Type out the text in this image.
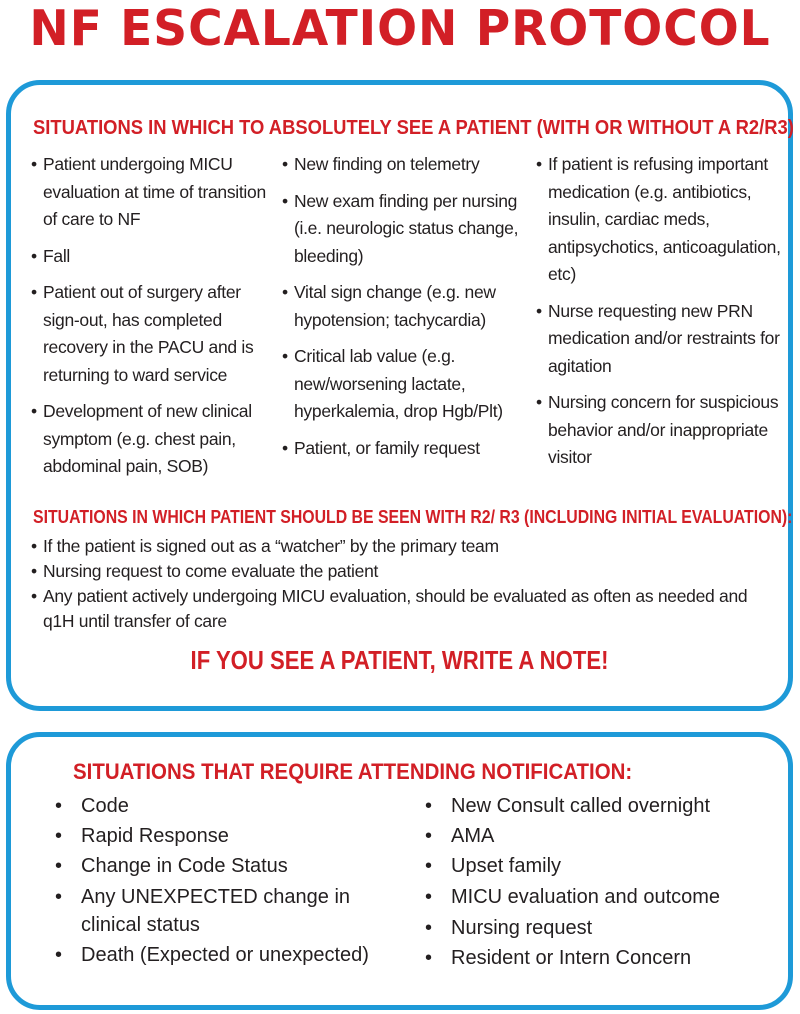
NF ESCALATION PROTOCOL
SITUATIONS IN WHICH TO ABSOLUTELY SEE A PATIENT (WITH OR WITHOUT A R2/R3)
• Patient undergoing MICU evaluation at time of transition of care to NF
• Fall
• Patient out of surgery after sign-out, has completed recovery in the PACU and is returning to ward service
• Development of new clinical symptom (e.g. chest pain, abdominal pain, SOB)
• New finding on telemetry
• New exam finding per nursing (i.e. neurologic status change, bleeding)
• Vital sign change (e.g. new hypotension; tachycardia)
• Critical lab value (e.g. new/worsening lactate, hyperkalemia, drop Hgb/Plt)
• Patient, or family request
• If patient is refusing important medication (e.g. antibiotics, insulin, cardiac meds, antipsychotics, anticoagulation, etc)
• Nurse requesting new PRN medication and/or restraints for agitation
• Nursing concern for suspicious behavior and/or inappropriate visitor
SITUATIONS IN WHICH PATIENT SHOULD BE SEEN WITH R2/ R3 (INCLUDING INITIAL EVALUATION):
• If the patient is signed out as a “watcher” by the primary team
• Nursing request to come evaluate the patient
• Any patient actively undergoing MICU evaluation, should be evaluated as often as needed and q1H until transfer of care
IF YOU SEE A PATIENT, WRITE A NOTE!
SITUATIONS THAT REQUIRE ATTENDING NOTIFICATION:
• Code
• Rapid Response
• Change in Code Status
• Any UNEXPECTED change in clinical status
• Death (Expected or unexpected)
• New Consult called overnight
• AMA
• Upset family
• MICU evaluation and outcome
• Nursing request
• Resident or Intern Concern
